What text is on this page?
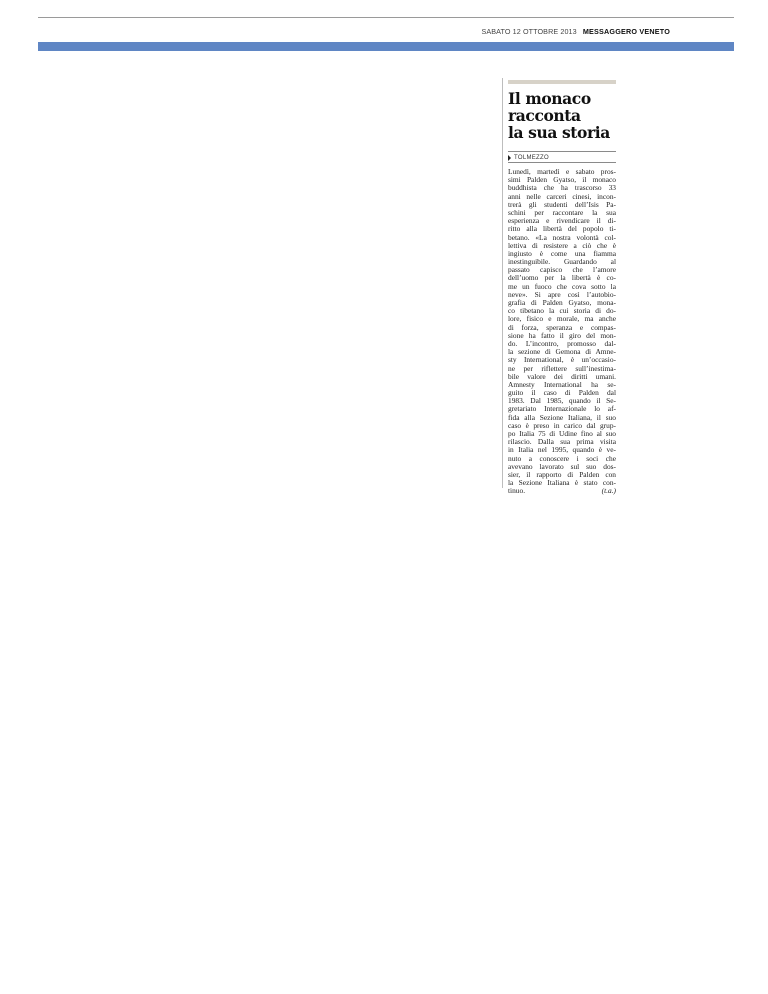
SABATO 12 OTTOBRE 2013 MESSAGGERO VENETO
Il monaco
racconta
la sua storia
TOLMEZZO
Lunedì, martedì e sabato pros-
simi Palden Gyatso, il monaco
buddhista che ha trascorso 33
anni nelle carceri cinesi, incon-
trerà gli studenti dell’Isis Pa-
schini per raccontare la sua
esperienza e rivendicare il di-
ritto alla libertà del popolo ti-
betano. «La nostra volontà col-
lettiva di resistere a ciò che è
ingiusto è come una fiamma
inestinguibile. Guardando al
passato capisco che l’amore
dell’uomo per la libertà è co-
me un fuoco che cova sotto la
neve». Si apre così l’autobio-
grafia di Palden Gyatso, mona-
co tibetano la cui storia di do-
lore, fisico e morale, ma anche
di forza, speranza e compas-
sione ha fatto il giro del mon-
do. L’incontro, promosso dal-
la sezione di Gemona di Amne-
sty International, è un’occasio-
ne per riflettere sull’inestima-
bile valore dei diritti umani.
Amnesty International ha se-
guito il caso di Palden dal
1983. Dal 1985, quando il Se-
gretariato Internazionale lo af-
fida alla Sezione Italiana, il suo
caso è preso in carico dal grup-
po Italia 75 di Udine fino al suo
rilascio. Dalla sua prima visita
in Italia nel 1995, quando è ve-
nuto a conoscere i soci che
avevano lavorato sul suo dos-
sier, il rapporto di Palden con
la Sezione Italiana è stato con-
tinuo.	(t.a.)
